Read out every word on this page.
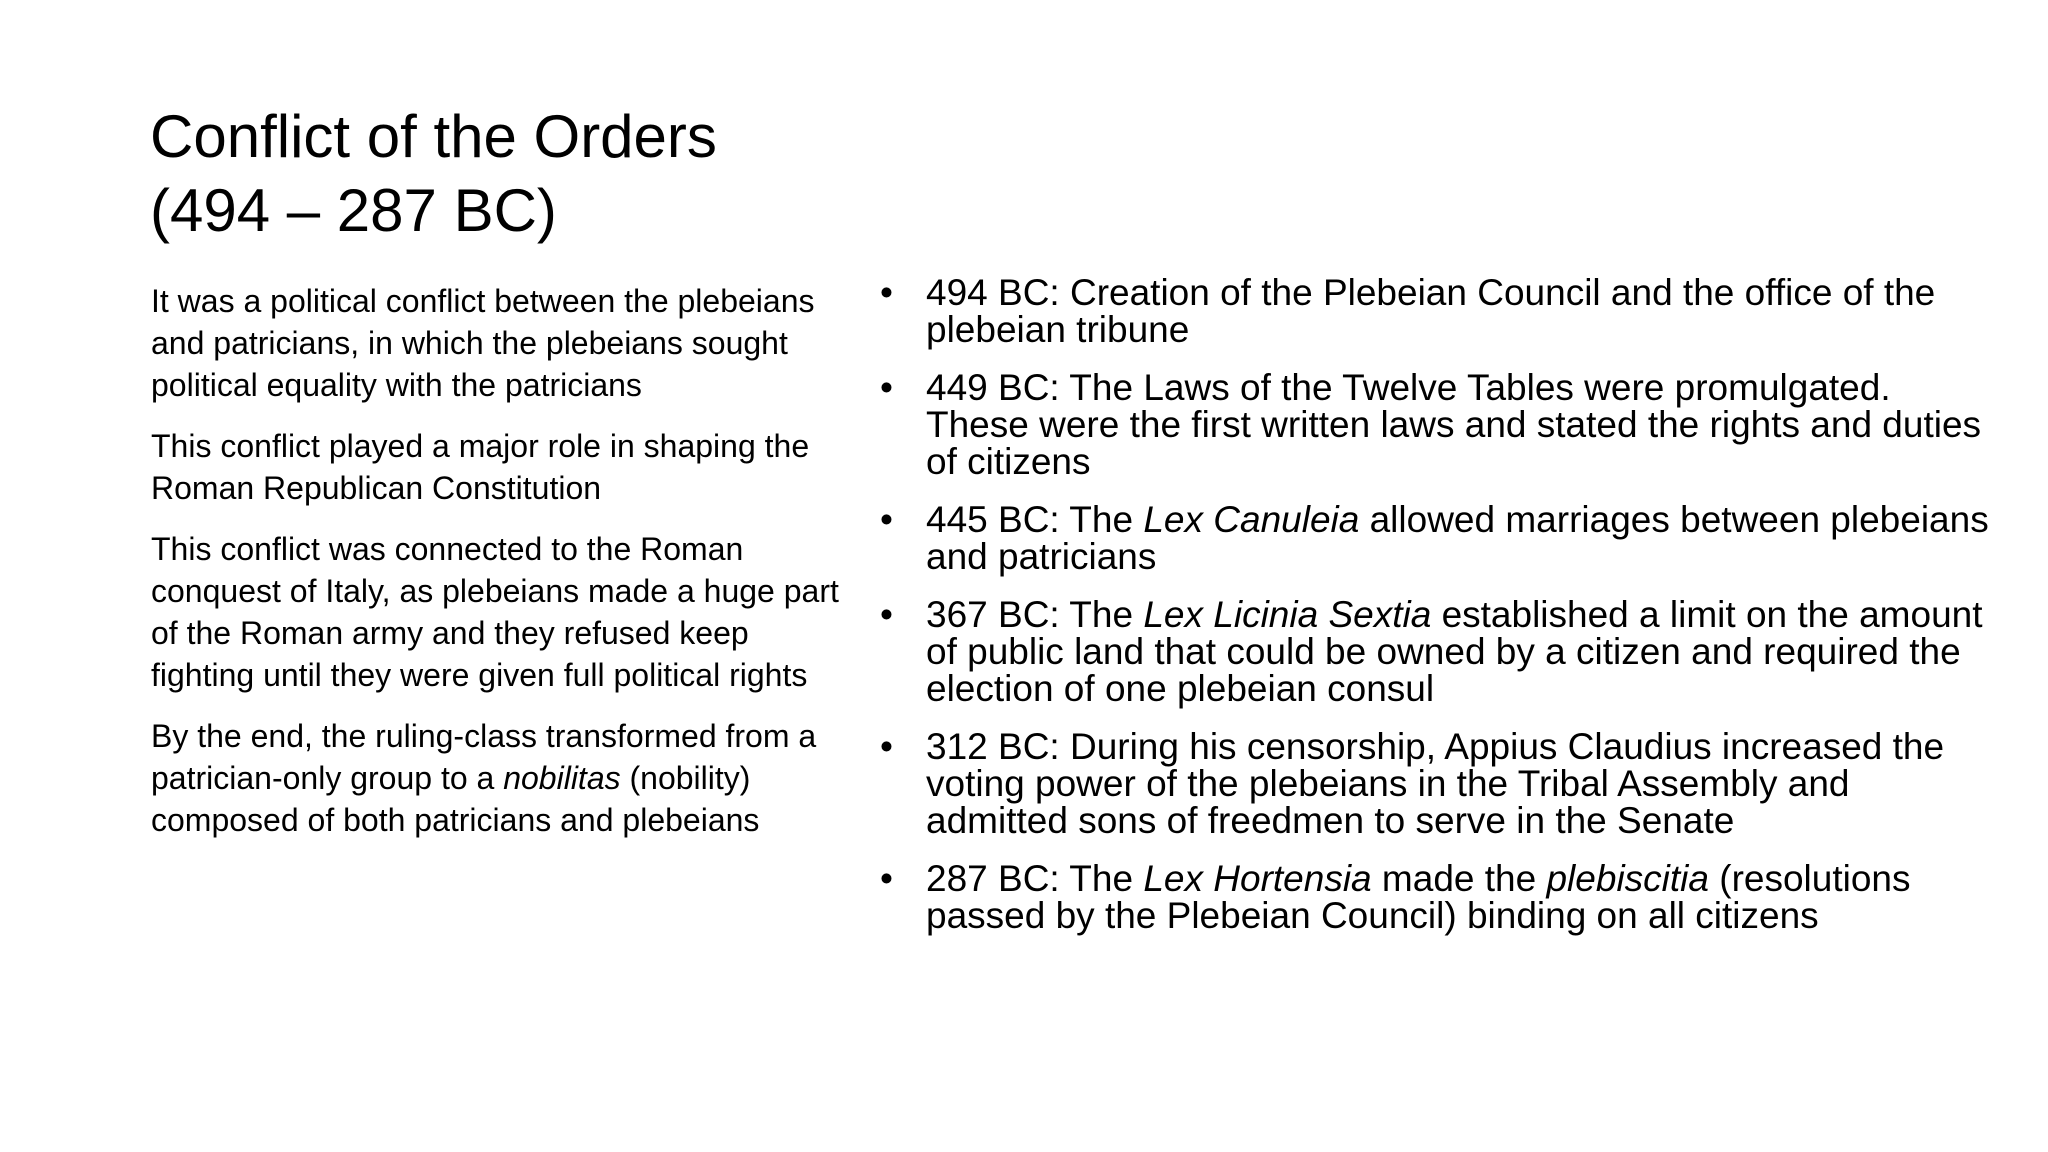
Conflict of the Orders
(494 – 287 BC)

It was a political conflict between the plebeians and patricians, in which the plebeians sought political equality with the patricians

This conflict played a major role in shaping the Roman Republican Constitution

This conflict was connected to the Roman conquest of Italy, as plebeians made a huge part of the Roman army and they refused keep fighting until they were given full political rights

By the end, the ruling-class transformed from a patrician-only group to a nobilitas (nobility) composed of both patricians and plebeians

• 494 BC: Creation of the Plebeian Council and the office of the plebeian tribune
• 449 BC: The Laws of the Twelve Tables were promulgated. These were the first written laws and stated the rights and duties of citizens
• 445 BC: The Lex Canuleia allowed marriages between plebeians and patricians
• 367 BC: The Lex Licinia Sextia established a limit on the amount of public land that could be owned by a citizen and required the election of one plebeian consul
• 312 BC: During his censorship, Appius Claudius increased the voting power of the plebeians in the Tribal Assembly and admitted sons of freedmen to serve in the Senate
• 287 BC: The Lex Hortensia made the plebiscitia (resolutions passed by the Plebeian Council) binding on all citizens
